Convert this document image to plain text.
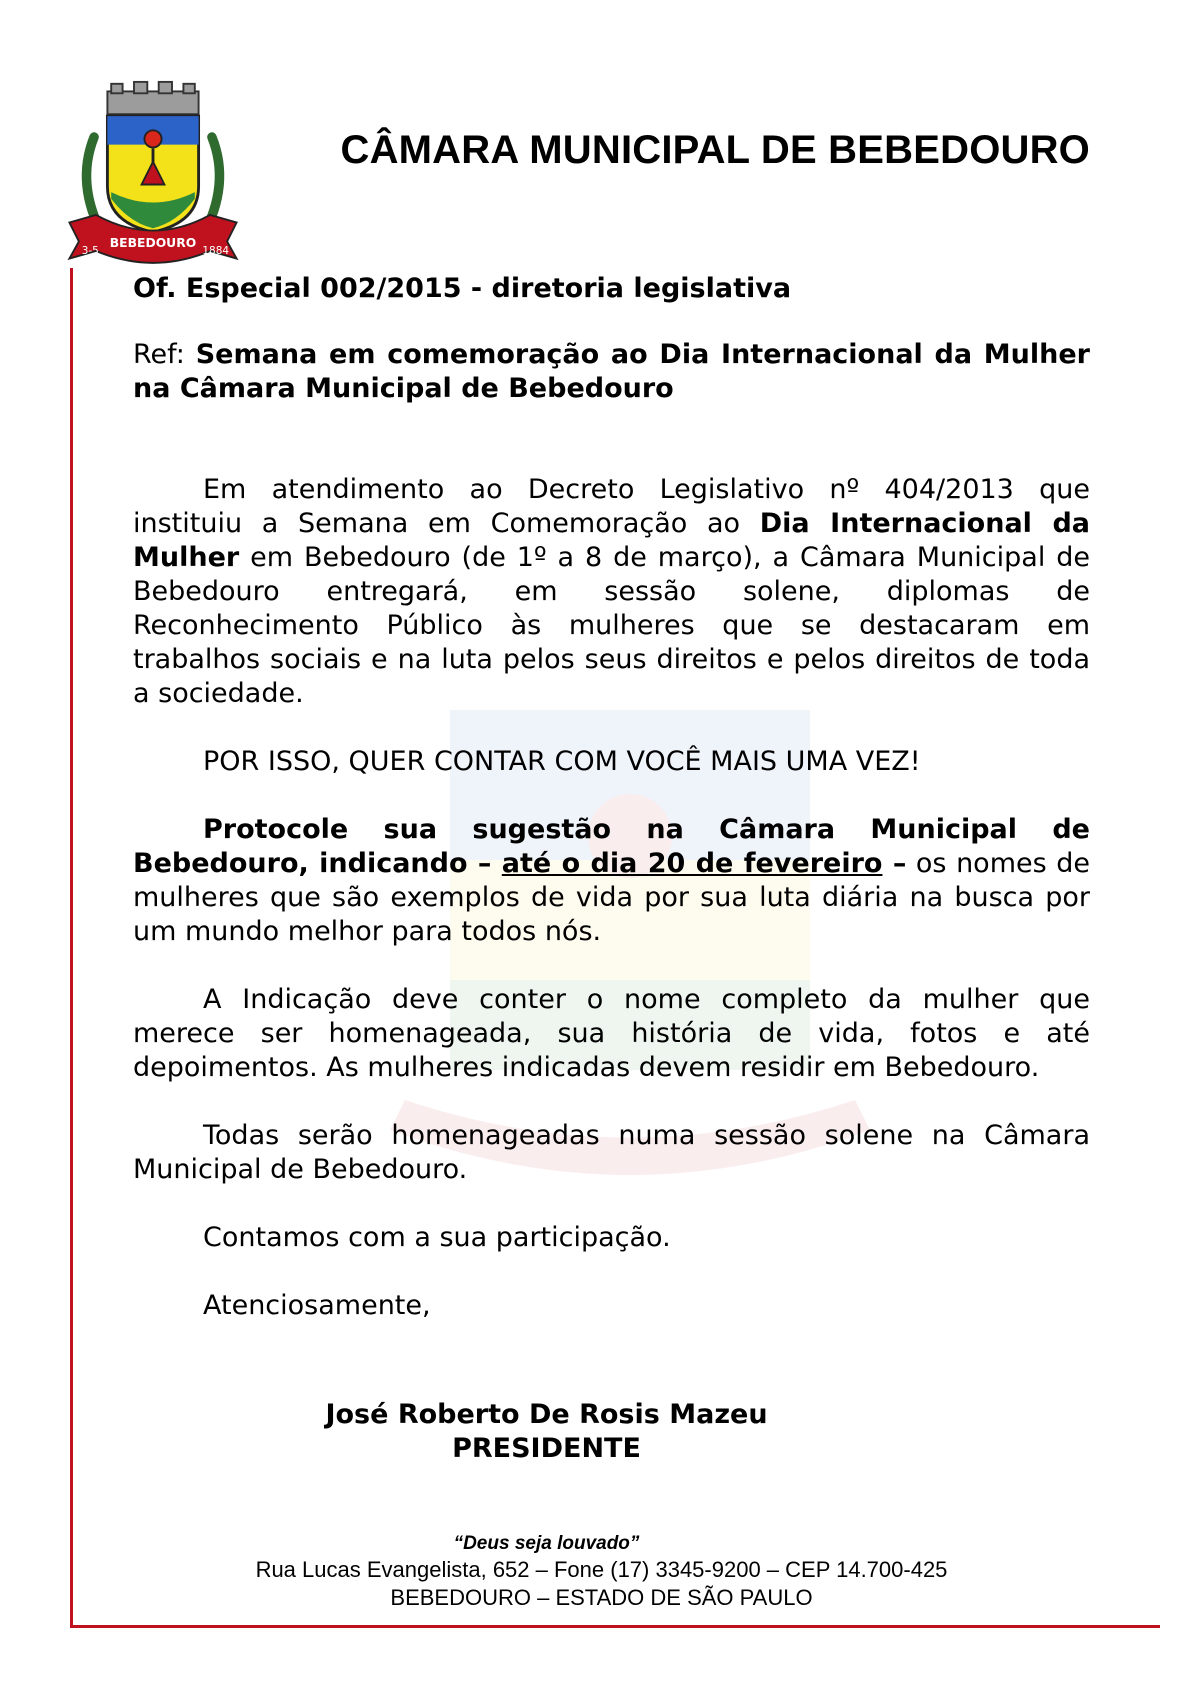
BEBEDOURO
3-5	1884
CÂMARA MUNICIPAL DE BEBEDOURO

Of. Especial 002/2015 - diretoria legislativa

Ref: Semana em comemoração ao Dia Internacional da Mulher na Câmara Municipal de Bebedouro

Em atendimento ao Decreto Legislativo nº 404/2013 que instituiu a Semana em Comemoração ao Dia Internacional da Mulher em Bebedouro (de 1º a 8 de março), a Câmara Municipal de Bebedouro entregará, em sessão solene, diplomas de Reconhecimento Público às mulheres que se destacaram em trabalhos sociais e na luta pelos seus direitos e pelos direitos de toda a sociedade.

POR ISSO, QUER CONTAR COM VOCÊ MAIS UMA VEZ!

Protocole sua sugestão na Câmara Municipal de Bebedouro, indicando – até o dia 20 de fevereiro – os nomes de mulheres que são exemplos de vida por sua luta diária na busca por um mundo melhor para todos nós.

A Indicação deve conter o nome completo da mulher que merece ser homenageada, sua história de vida, fotos e até depoimentos. As mulheres indicadas devem residir em Bebedouro.

Todas serão homenageadas numa sessão solene na Câmara Municipal de Bebedouro.

Contamos com a sua participação.

Atenciosamente,

José Roberto De Rosis Mazeu
PRESIDENTE
“Deus seja louvado”
Rua Lucas Evangelista, 652 – Fone (17) 3345-9200 – CEP 14.700-425
BEBEDOURO – ESTADO DE SÃO PAULO
